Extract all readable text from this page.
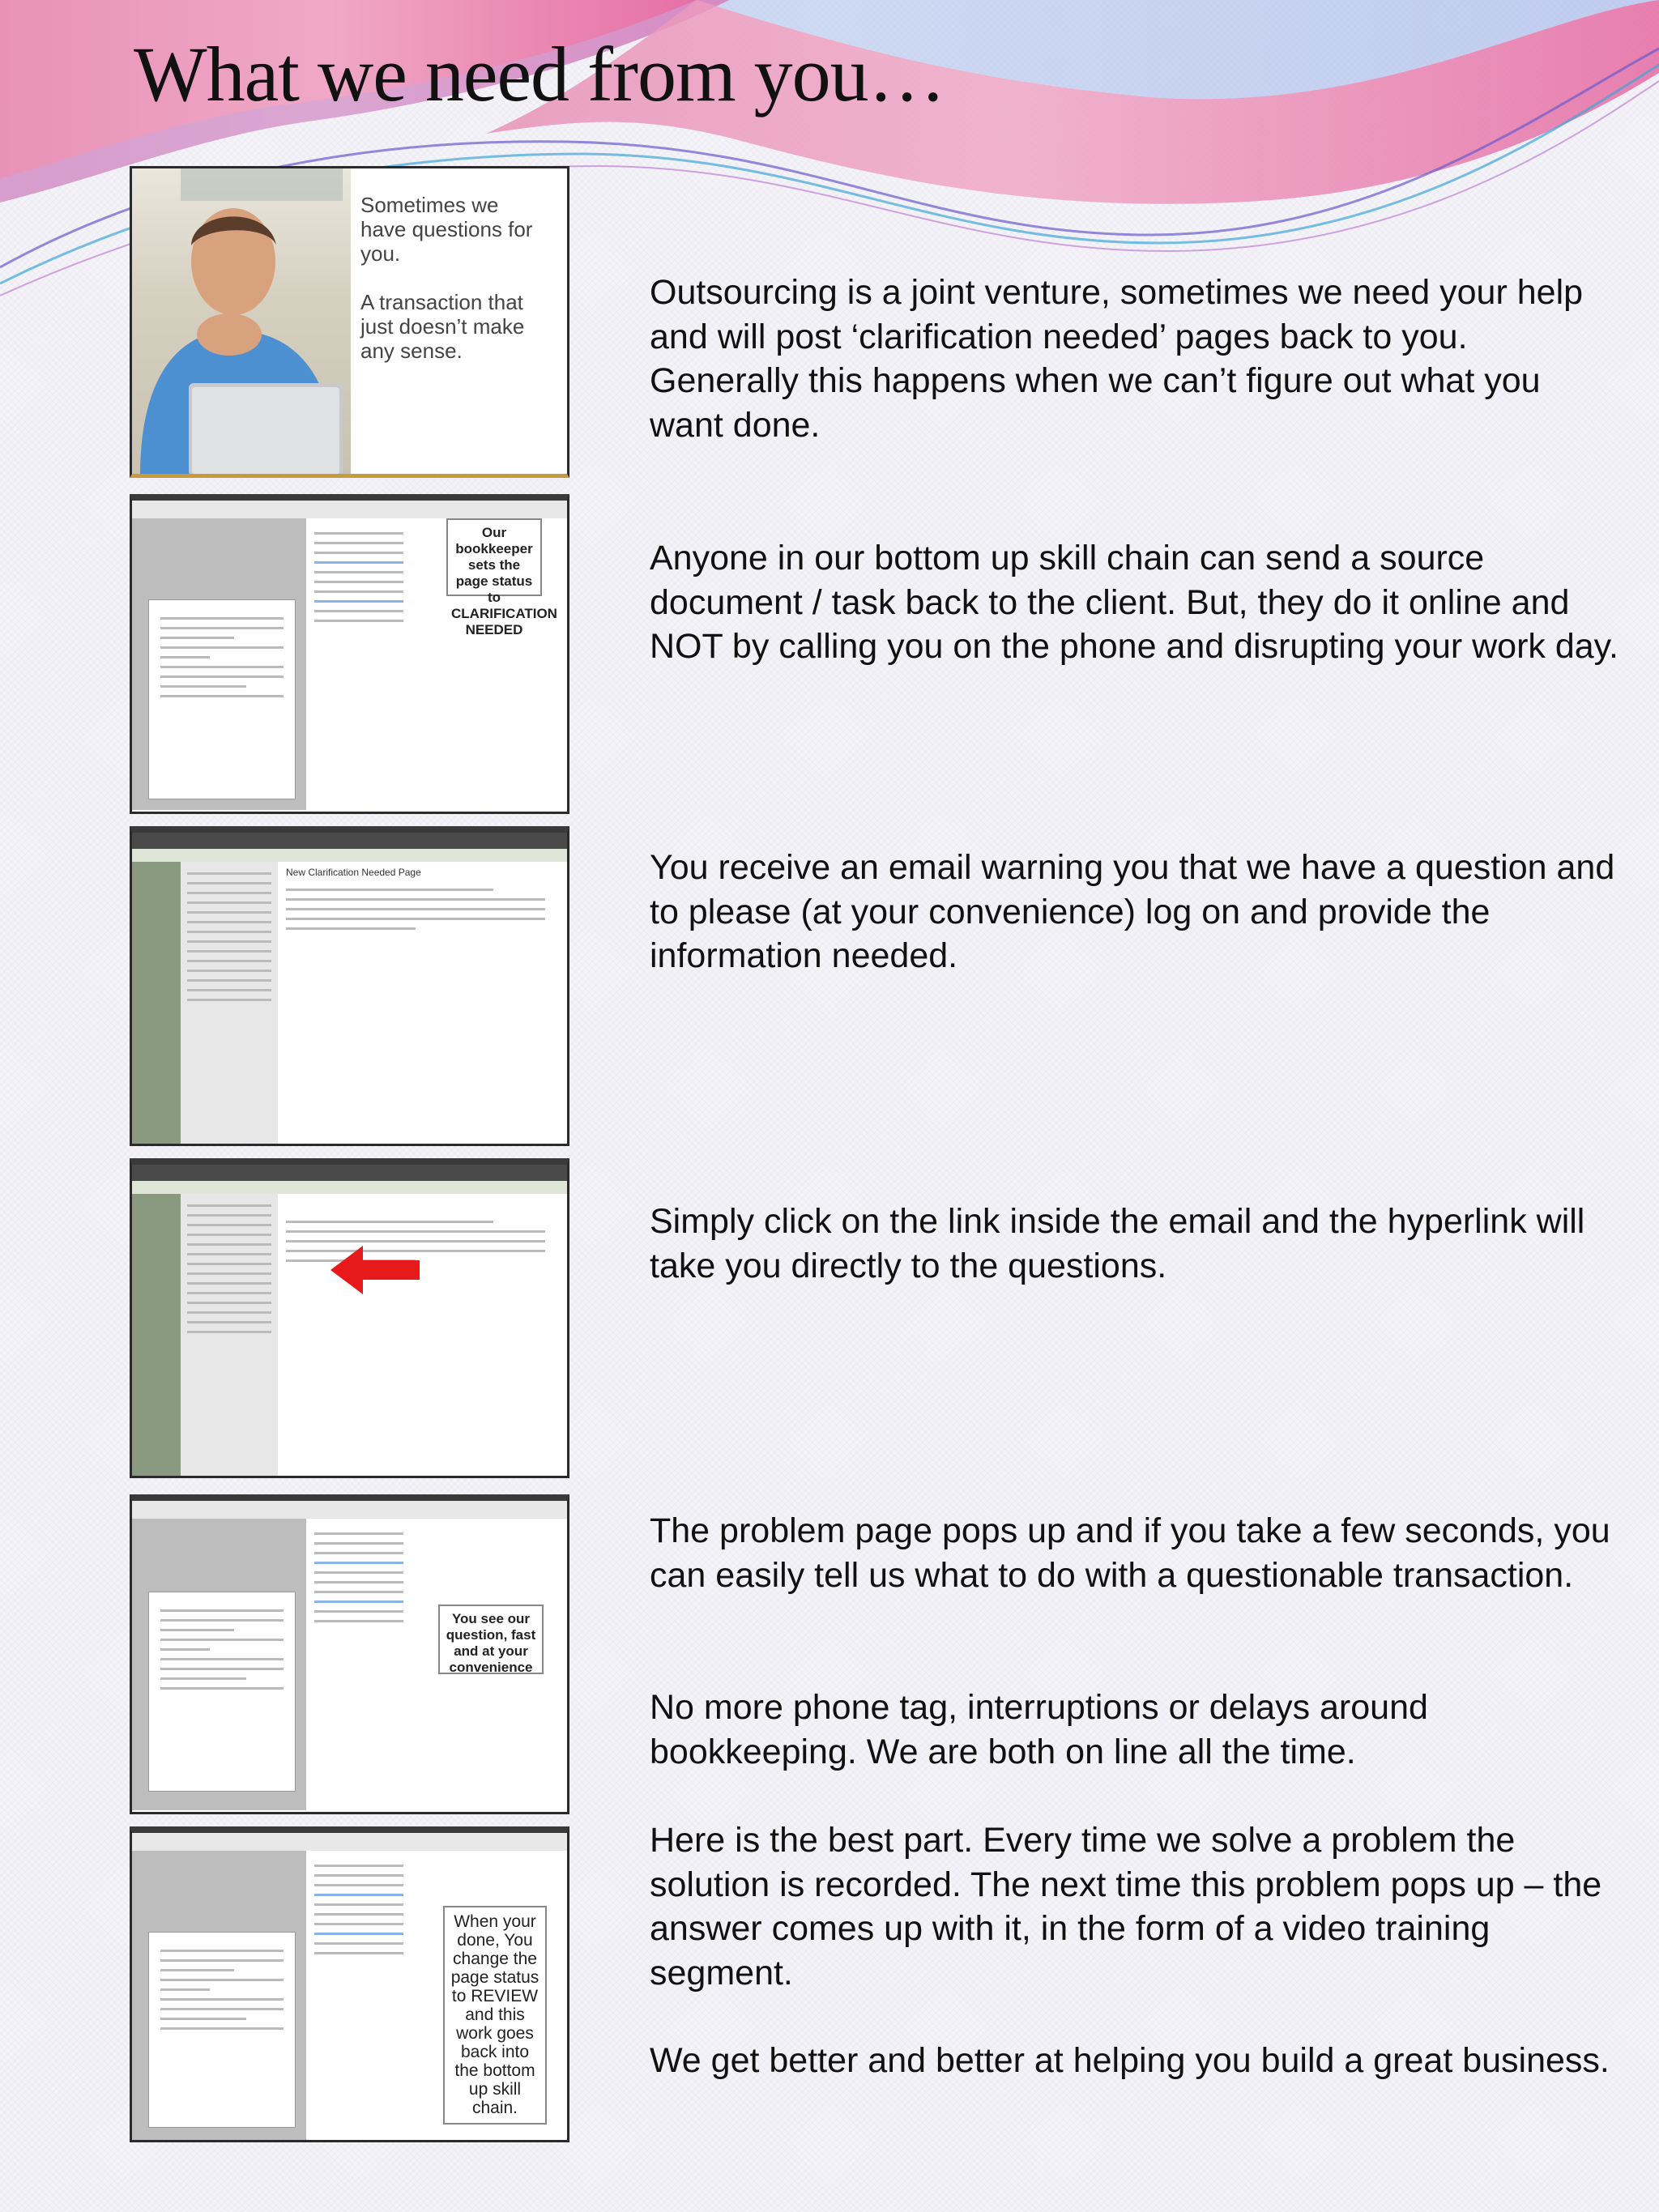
What we need from you…
Sometimes we have questions for you.
A transaction that just doesn’t make any sense.
Our bookkeeper sets the page status to CLARIFICATION NEEDED
New Clarification Needed Page
You see our question, fast and at your convenience
When your done, You change the page status to REVIEW and this work goes back into the bottom up skill chain.

Outsourcing is a joint venture, sometimes we need your help and will post ‘clarification needed’ pages back to you. Generally this happens when we can’t figure out what you want done.

Anyone in our bottom up skill chain can send a source document / task back to the client. But, they do it online and NOT by calling you on the phone and disrupting your work day.

You receive an email warning you that we have a question and to please (at your convenience) log on and provide the information needed.

Simply click on the link inside the email and the hyperlink will take you directly to the questions.

The problem page pops up and if you take a few seconds, you can easily tell us what to do with a questionable transaction.

No more phone tag, interruptions or delays around bookkeeping. We are both on line all the time.

Here is the best part. Every time we solve a problem the solution is recorded. The next time this problem pops up – the answer comes up with it, in the form of a video training segment.

We get better and better at helping you build a great business.
